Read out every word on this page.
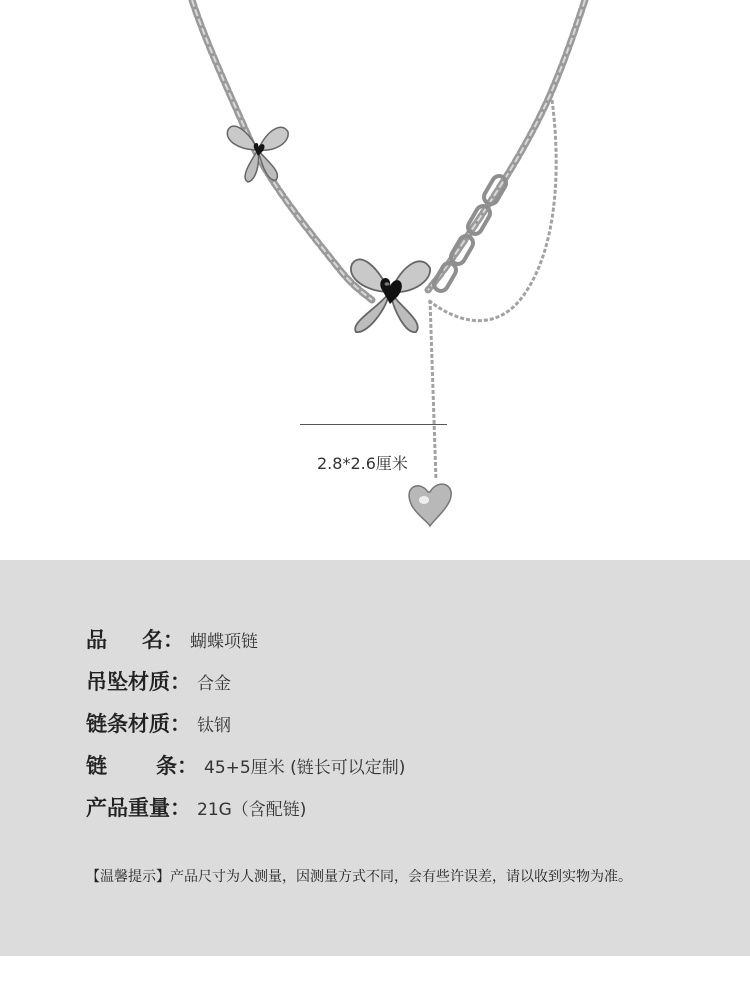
2.8*2.6厘米
品 名： 蝴蝶项链
吊坠材质： 合金
链条材质： 钛钢
链 条： 45+5厘米 (链长可以定制)
产品重量： 21G（含配链)
【温馨提示】产品尺寸为人测量，因测量方式不同，会有些许误差，请以收到实物为准。
